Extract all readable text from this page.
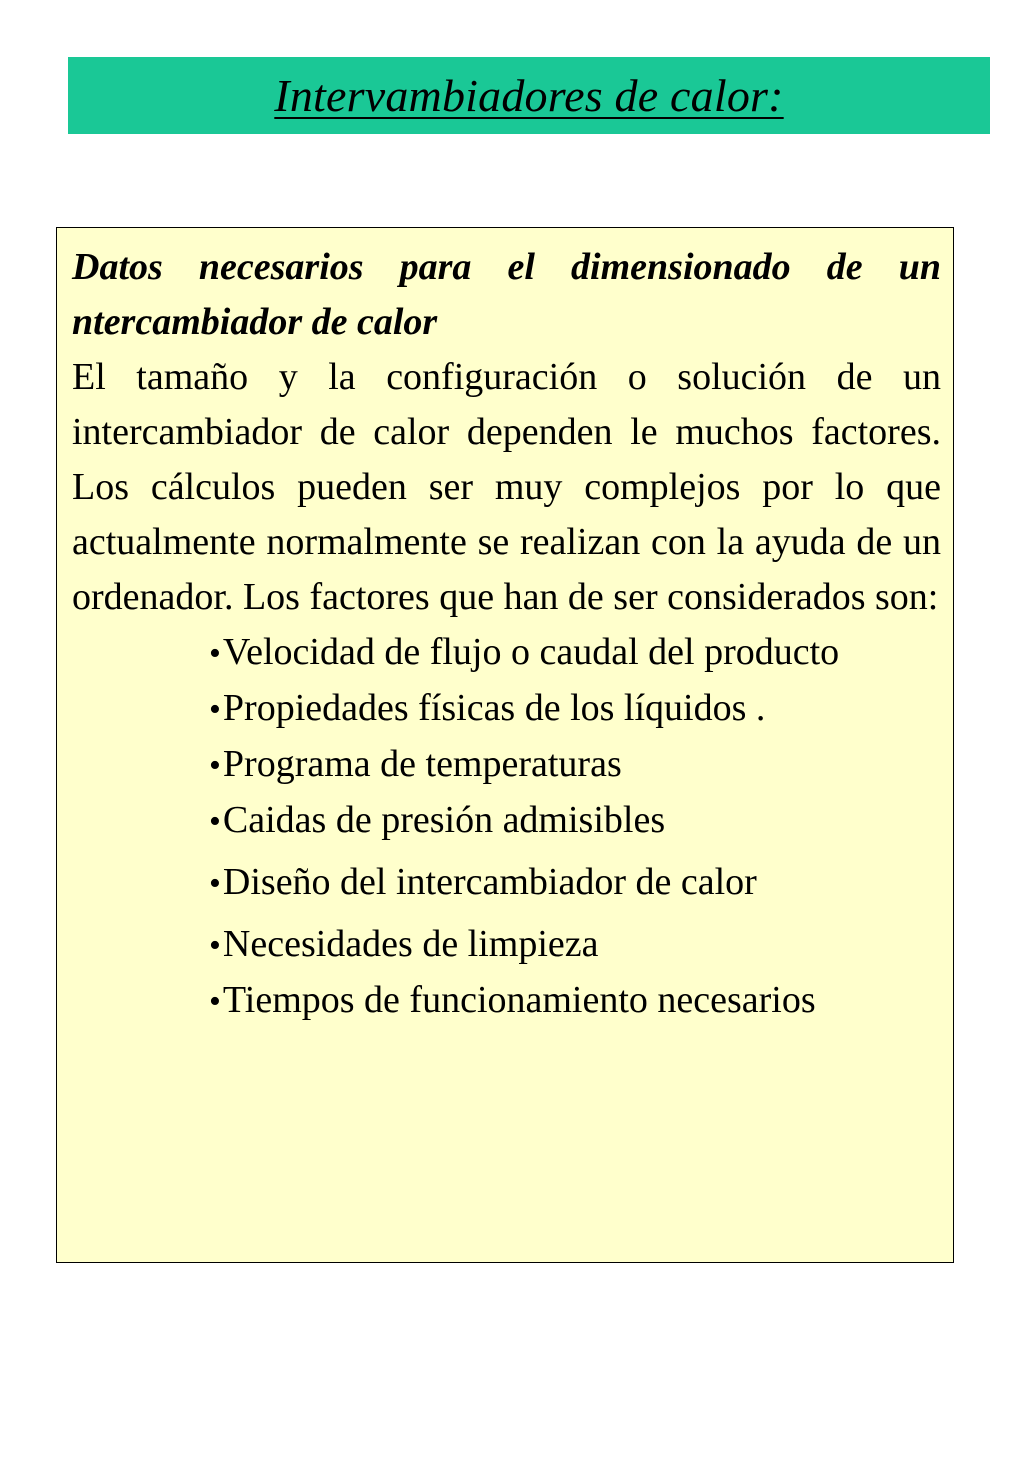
Intervambiadores de calor:
Datos necesarios para el dimensionado de un
ntercambiador de calor
El tamaño y la configuración o solución de un intercambiador de calor dependen le muchos factores. Los cálculos pueden ser muy complejos por lo que actualmente normalmente se realizan con la ayuda de un ordenador. Los factores que han de ser considerados son:
•Velocidad de flujo o caudal del producto
•Propiedades físicas de los líquidos .
•Programa de temperaturas
•Caidas de presión admisibles
•Diseño del intercambiador de calor
•Necesidades de limpieza
•Tiempos de funcionamiento necesarios
